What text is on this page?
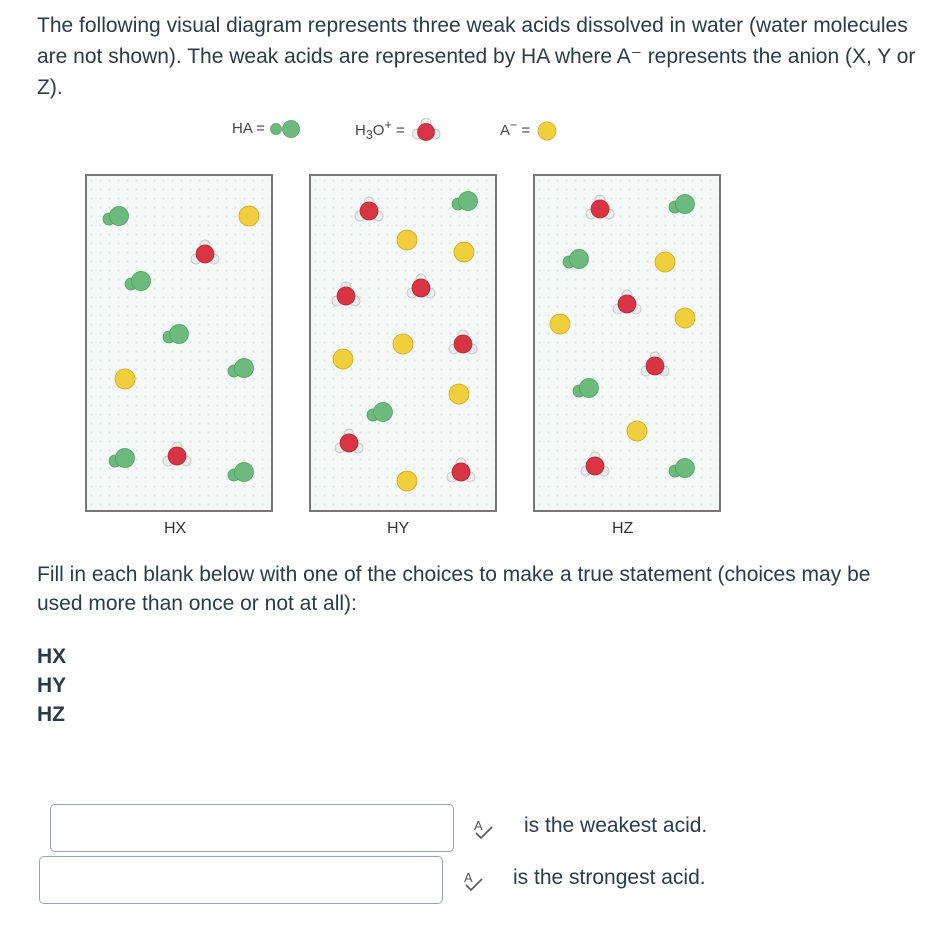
The following visual diagram represents three weak acids dissolved in water (water molecules are not shown). The weak acids are represented by HA where A⁻ represents the anion (X, Y or Z).

HA =	$H_3O^+$ =	A− =
HX	HY	HZ

Fill in each blank below with one of the choices to make a true statement (choices may be used more than once or not at all):

HX
HY
HZ
A is the weakest acid.
A is the strongest acid.
